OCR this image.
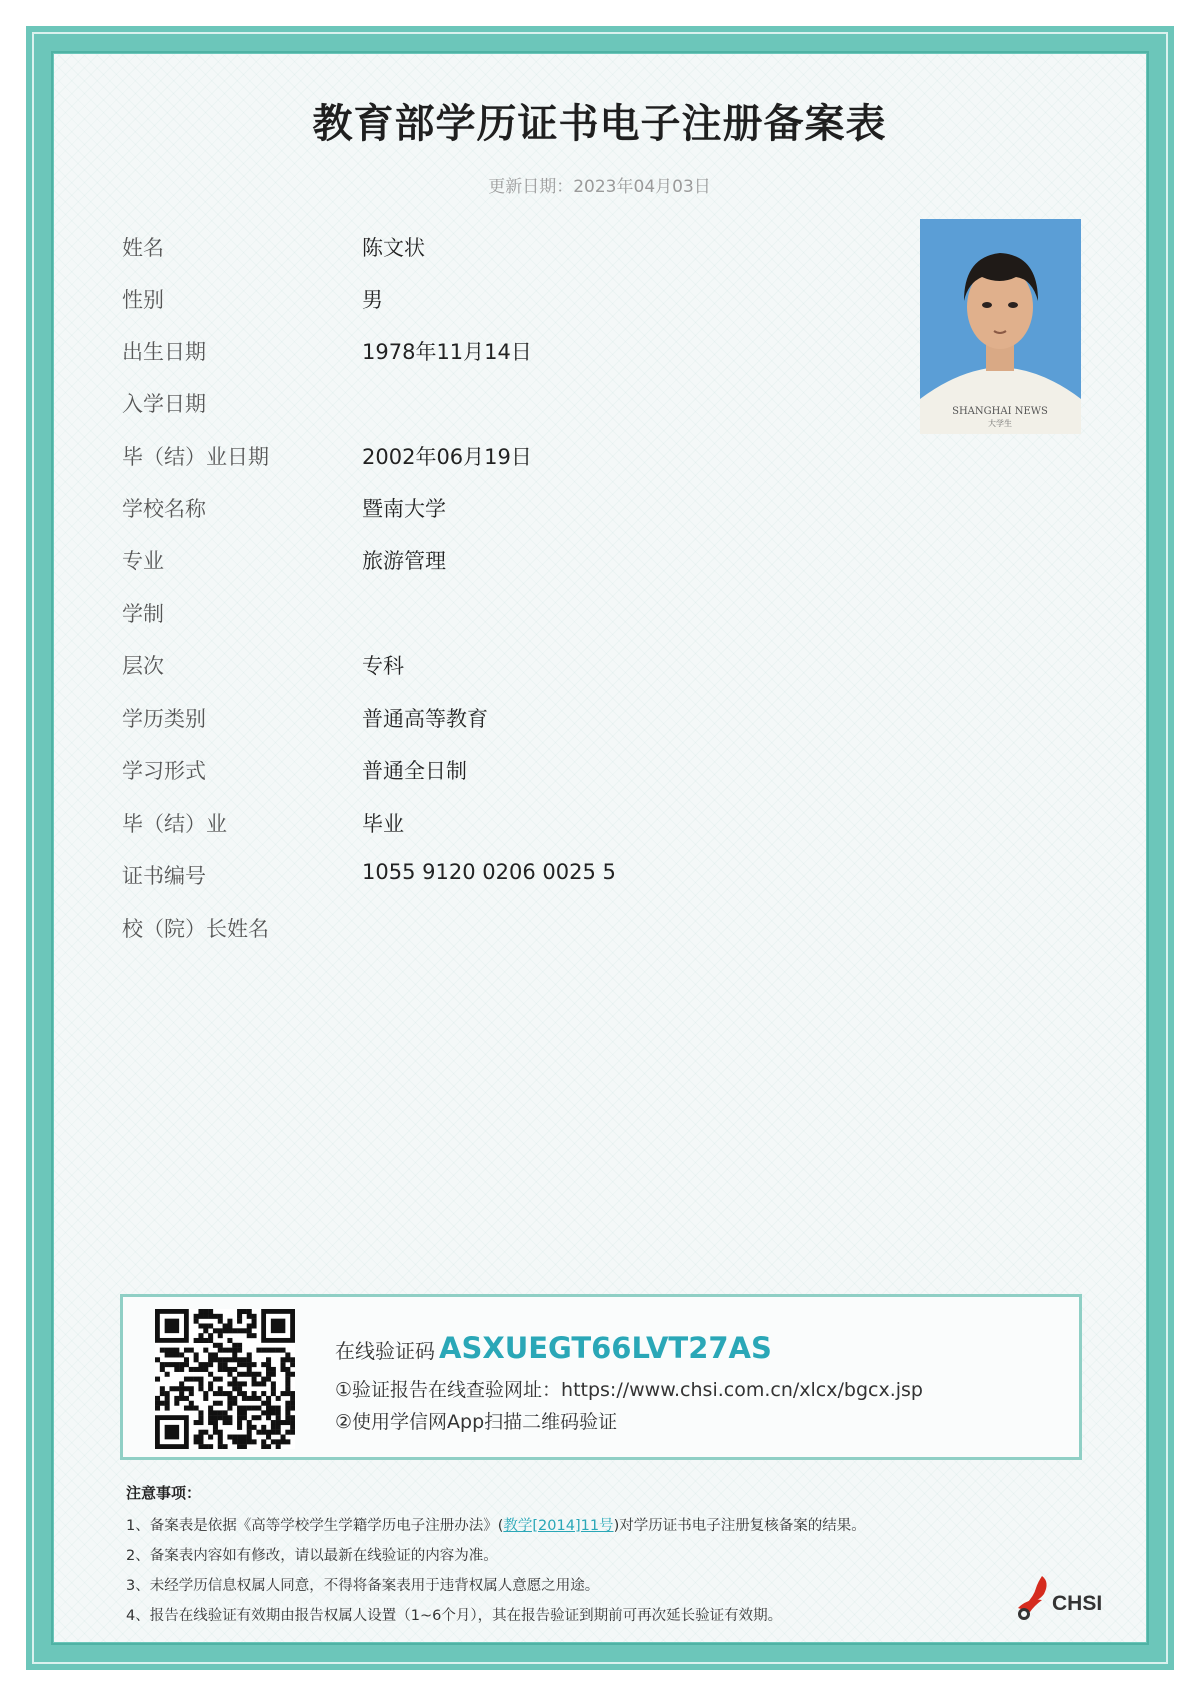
教育部学历证书电子注册备案表
更新日期：2023年04月03日
姓名	陈文状
性别	男
出生日期	1978年11月14日
入学日期
毕（结）业日期	2002年06月19日
学校名称	暨南大学
专业	旅游管理
学制
层次	专科
学历类别	普通高等教育
学习形式	普通全日制
毕（结）业	毕业
证书编号	1055 9120 0206 0025 5
校（院）长姓名
SHANGHAI NEWS
大学生
在线验证码 ASXUEGT66LVT27AS
①验证报告在线查验网址：https://www.chsi.com.cn/xlcx/bgcx.jsp
②使用学信网App扫描二维码验证
注意事项：
1、备案表是依据《高等学校学生学籍学历电子注册办法》(教学[2014]11号)对学历证书电子注册复核备案的结果。
2、备案表内容如有修改，请以最新在线验证的内容为准。
3、未经学历信息权属人同意，不得将备案表用于违背权属人意愿之用途。
4、报告在线验证有效期由报告权属人设置（1~6个月），其在报告验证到期前可再次延长验证有效期。
CHSI
